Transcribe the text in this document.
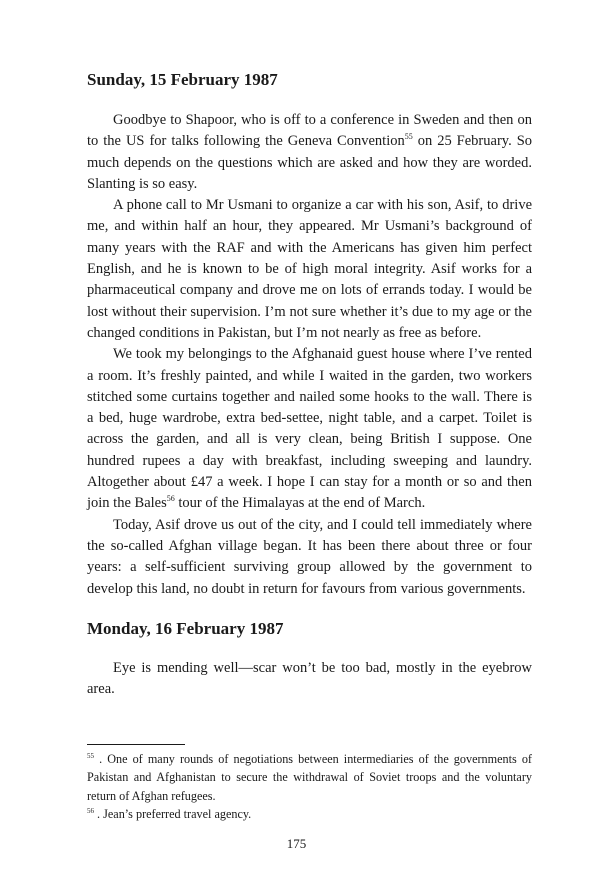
Sunday, 15 February 1987

Goodbye to Shapoor, who is off to a conference in Sweden and then on to the US for talks following the Geneva Convention$^{55}$ on 25 February. So much depends on the questions which are asked and how they are worded. Slanting is so easy.

A phone call to Mr Usmani to organize a car with his son, Asif, to drive me, and within half an hour, they appeared. Mr Usmani’s background of many years with the RAF and with the Americans has given him perfect English, and he is known to be of high moral integrity. Asif works for a pharmaceutical company and drove me on lots of errands today. I would be lost without their supervision. I’m not sure whether it’s due to my age or the changed conditions in Pakistan, but I’m not nearly as free as before.

We took my belongings to the Afghanaid guest house where I’ve rented a room. It’s freshly painted, and while I waited in the garden, two workers stitched some curtains together and nailed some hooks to the wall. There is a bed, huge wardrobe, extra bed-settee, night table, and a carpet. Toilet is across the garden, and all is very clean, being British I suppose. One hundred rupees a day with breakfast, including sweeping and laundry. Altogether about £47 a week. I hope I can stay for a month or so and then join the Bales$^{56}$ tour of the Himalayas at the end of March.

Today, Asif drove us out of the city, and I could tell immediately where the so-called Afghan village began. It has been there about three or four years: a self-sufficient surviving group allowed by the government to develop this land, no doubt in return for favours from various governments.

Monday, 16 February 1987

Eye is mending well—scar won’t be too bad, mostly in the eyebrow area.

$^{55}$ . One of many rounds of negotiations between intermediaries of the governments of Pakistan and Afghanistan to secure the withdrawal of Soviet troops and the voluntary return of Afghan refugees.

$^{56}$ . Jean’s preferred travel agency.

175
